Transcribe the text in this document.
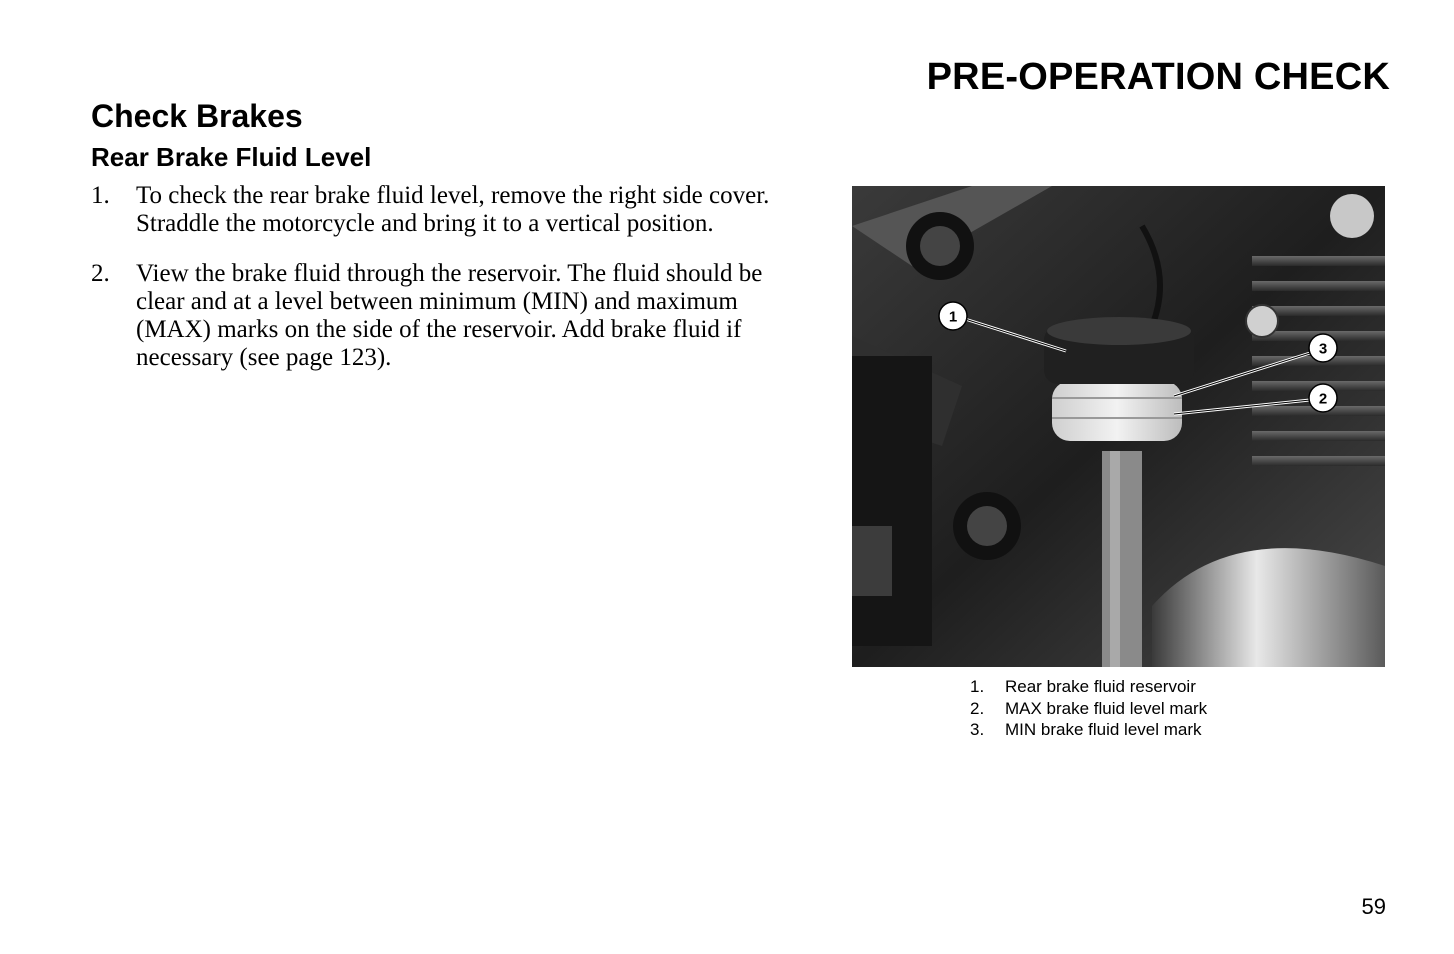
PRE-OPERATION CHECK
Check Brakes
Rear Brake Fluid Level
1. To check the rear brake fluid level, remove the right side cover. Straddle the motorcycle and bring it to a vertical position.
2. View the brake fluid through the reservoir. The fluid should be clear and at a level between minimum (MIN) and maximum (MAX) marks on the side of the reservoir. Add brake fluid if necessary (see page 123).
1
3
2
1. Rear brake fluid reservoir
2. MAX brake fluid level mark
3. MIN brake fluid level mark
59
